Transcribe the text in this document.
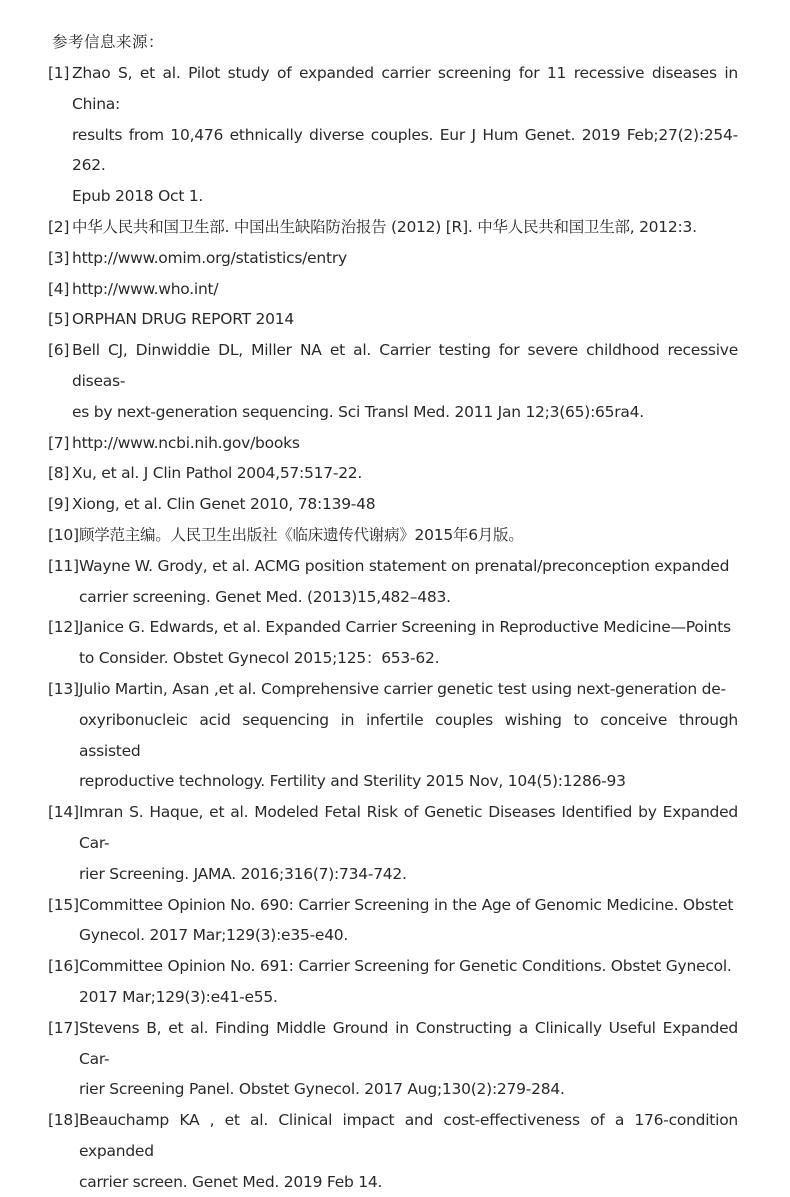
参考信息来源：
[1] Zhao S, et al. Pilot study of expanded carrier screening for 11 recessive diseases in China:
results from 10,476 ethnically diverse couples. Eur J Hum Genet. 2019 Feb;27(2):254-262.
Epub 2018 Oct 1.
[2] 中华人民共和国卫生部. 中国出生缺陷防治报告 (2012) [R]. 中华人民共和国卫生部, 2012:3.
[3] http://www.omim.org/statistics/entry
[4] http://www.who.int/
[5] ORPHAN DRUG REPORT 2014
[6] Bell CJ, Dinwiddie DL, Miller NA et al. Carrier testing for severe childhood recessive diseas-
es by next-generation sequencing. Sci Transl Med. 2011 Jan 12;3(65):65ra4.
[7] http://www.ncbi.nih.gov/books
[8] Xu, et al. J Clin Pathol 2004,57:517-22.
[9] Xiong, et al. Clin Genet 2010, 78:139-48
[10] 顾学范主编。人民卫生出版社《临床遗传代谢病》2015年6月版。
[11] Wayne W. Grody, et al. ACMG position statement on prenatal/preconception expanded
carrier screening. Genet Med. (2013)15,482–483.
[12] Janice G. Edwards, et al. Expanded Carrier Screening in Reproductive Medicine—Points
to Consider. Obstet Gynecol 2015;125：653-62.
[13] Julio Martin, Asan ,et al. Comprehensive carrier genetic test using next-generation de-
oxyribonucleic acid sequencing in infertile couples wishing to conceive through assisted
reproductive technology. Fertility and Sterility 2015 Nov, 104(5):1286-93
[14] Imran S. Haque, et al. Modeled Fetal Risk of Genetic Diseases Identified by Expanded Car-
rier Screening. JAMA. 2016;316(7):734-742.
[15] Committee Opinion No. 690: Carrier Screening in the Age of Genomic Medicine. Obstet
Gynecol. 2017 Mar;129(3):e35-e40.
[16] Committee Opinion No. 691: Carrier Screening for Genetic Conditions. Obstet Gynecol.
2017 Mar;129(3):e41-e55.
[17] Stevens B, et al. Finding Middle Ground in Constructing a Clinically Useful Expanded Car-
rier Screening Panel. Obstet Gynecol. 2017 Aug;130(2):279-284.
[18] Beauchamp KA , et al. Clinical impact and cost-effectiveness of a 176-condition expanded
carrier screen. Genet Med. 2019 Feb 14.
